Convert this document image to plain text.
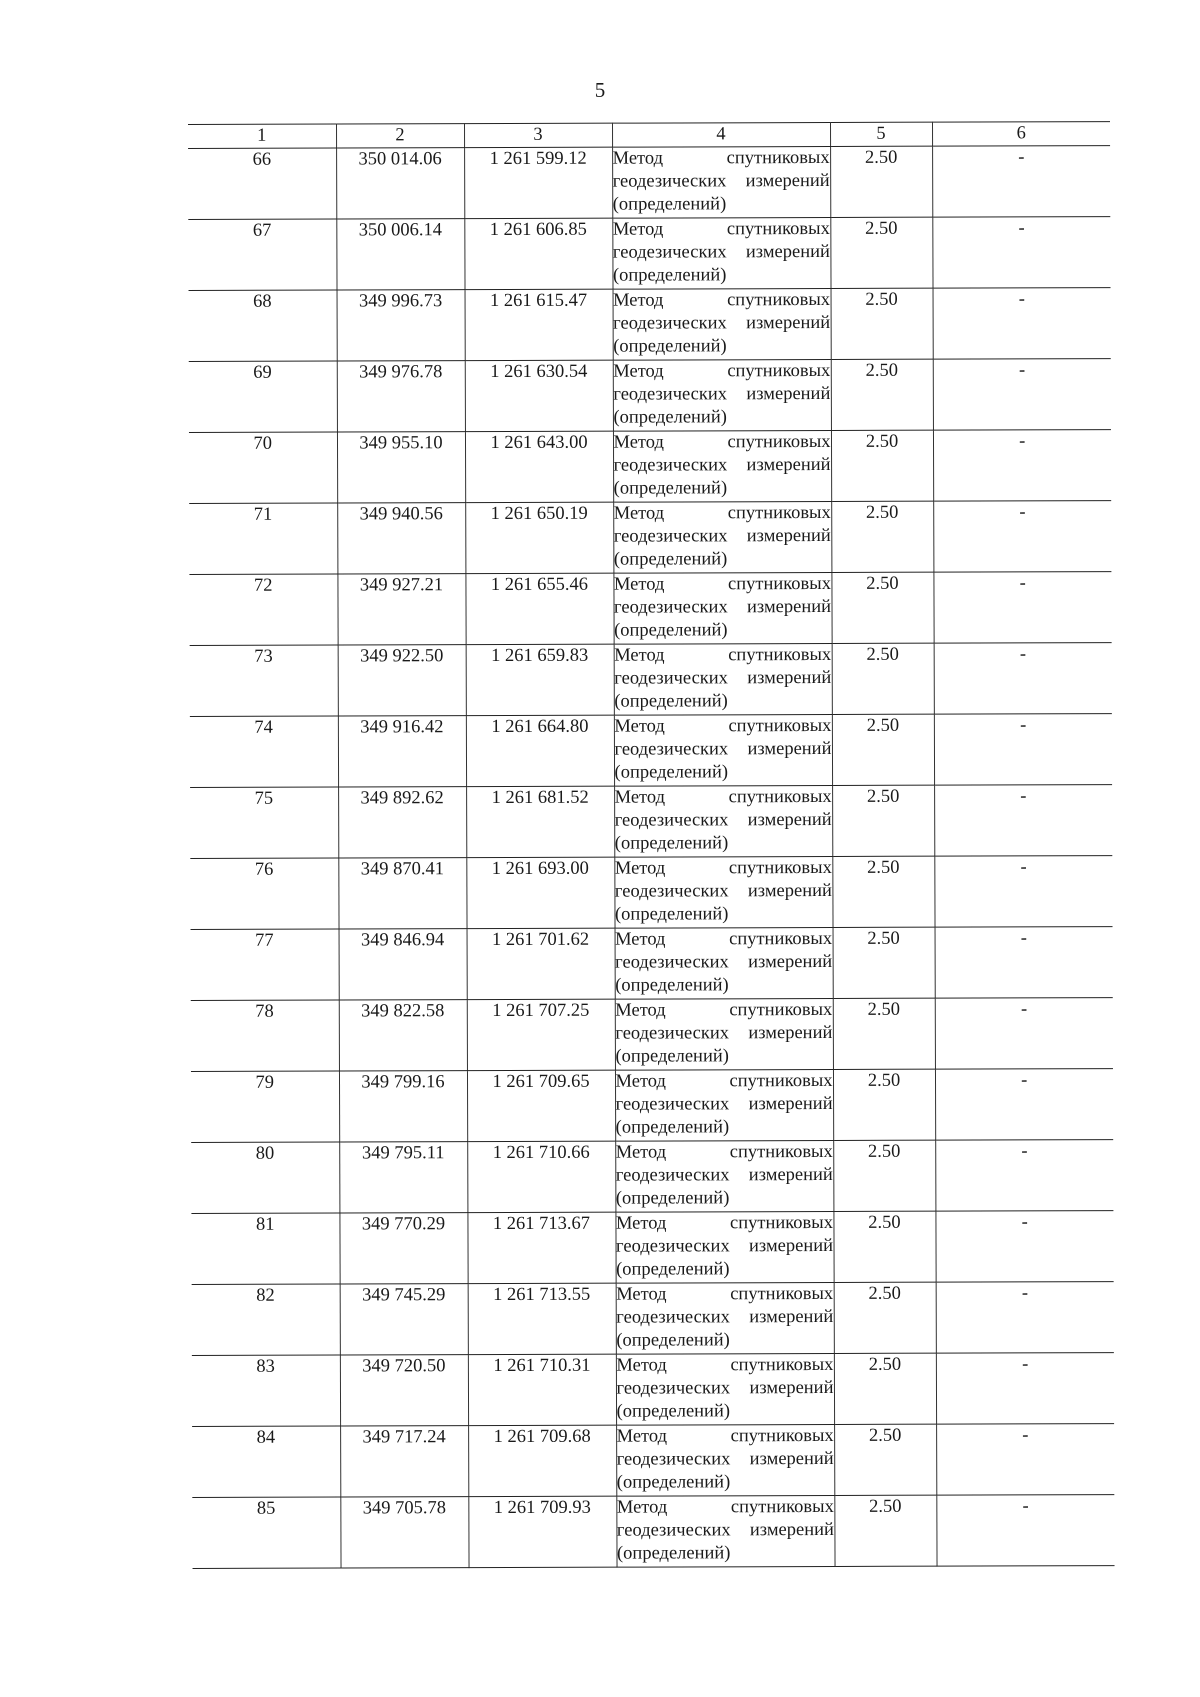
5
1	2	3	4	5	6
66	350 014.06	1 261 599.12	Метод спутниковых геодезических измерений (определений)	2.50	-
67	350 006.14	1 261 606.85	Метод спутниковых геодезических измерений (определений)	2.50	-
68	349 996.73	1 261 615.47	Метод спутниковых геодезических измерений (определений)	2.50	-
69	349 976.78	1 261 630.54	Метод спутниковых геодезических измерений (определений)	2.50	-
70	349 955.10	1 261 643.00	Метод спутниковых геодезических измерений (определений)	2.50	-
71	349 940.56	1 261 650.19	Метод спутниковых геодезических измерений (определений)	2.50	-
72	349 927.21	1 261 655.46	Метод спутниковых геодезических измерений (определений)	2.50	-
73	349 922.50	1 261 659.83	Метод спутниковых геодезических измерений (определений)	2.50	-
74	349 916.42	1 261 664.80	Метод спутниковых геодезических измерений (определений)	2.50	-
75	349 892.62	1 261 681.52	Метод спутниковых геодезических измерений (определений)	2.50	-
76	349 870.41	1 261 693.00	Метод спутниковых геодезических измерений (определений)	2.50	-
77	349 846.94	1 261 701.62	Метод спутниковых геодезических измерений (определений)	2.50	-
78	349 822.58	1 261 707.25	Метод спутниковых геодезических измерений (определений)	2.50	-
79	349 799.16	1 261 709.65	Метод спутниковых геодезических измерений (определений)	2.50	-
80	349 795.11	1 261 710.66	Метод спутниковых геодезических измерений (определений)	2.50	-
81	349 770.29	1 261 713.67	Метод спутниковых геодезических измерений (определений)	2.50	-
82	349 745.29	1 261 713.55	Метод спутниковых геодезических измерений (определений)	2.50	-
83	349 720.50	1 261 710.31	Метод спутниковых геодезических измерений (определений)	2.50	-
84	349 717.24	1 261 709.68	Метод спутниковых геодезических измерений (определений)	2.50	-
85	349 705.78	1 261 709.93	Метод спутниковых геодезических измерений (определений)	2.50	-
